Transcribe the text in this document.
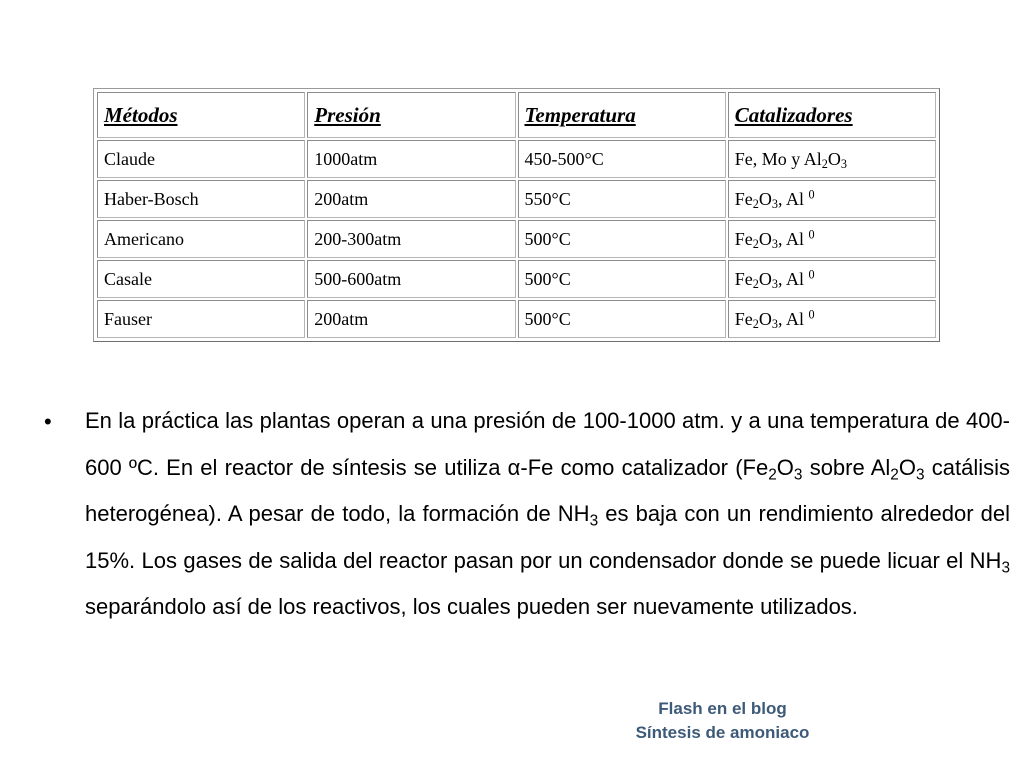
Métodos	Presión	Temperatura	Catalizadores
Claude	1000atm	450-500°C	Fe, Mo y $Al_2O_3$
Haber-Bosch	200atm	550°C	$Fe_2O_3$, Al $^0$
Americano	200-300atm	500°C	$Fe_2O_3$, Al $^0$
Casale	500-600atm	500°C	$Fe_2O_3$, Al $^0$
Fauser	200atm	500°C	$Fe_2O_3$, Al $^0$
• En la práctica las plantas operan a una presión de 100-1000 atm. y a una temperatura de 400-600 ºC. En el reactor de síntesis se utiliza α-Fe como catalizador ($Fe_2O_3$ sobre $Al_2O_3$ catálisis heterogénea). A pesar de todo, la formación de $NH_3$ es baja con un rendimiento alrededor del 15%. Los gases de salida del reactor pasan por un condensador donde se puede licuar el $NH_3$ separándolo así de los reactivos, los cuales pueden ser nuevamente utilizados.
Flash en el blog
Síntesis de amoniaco
